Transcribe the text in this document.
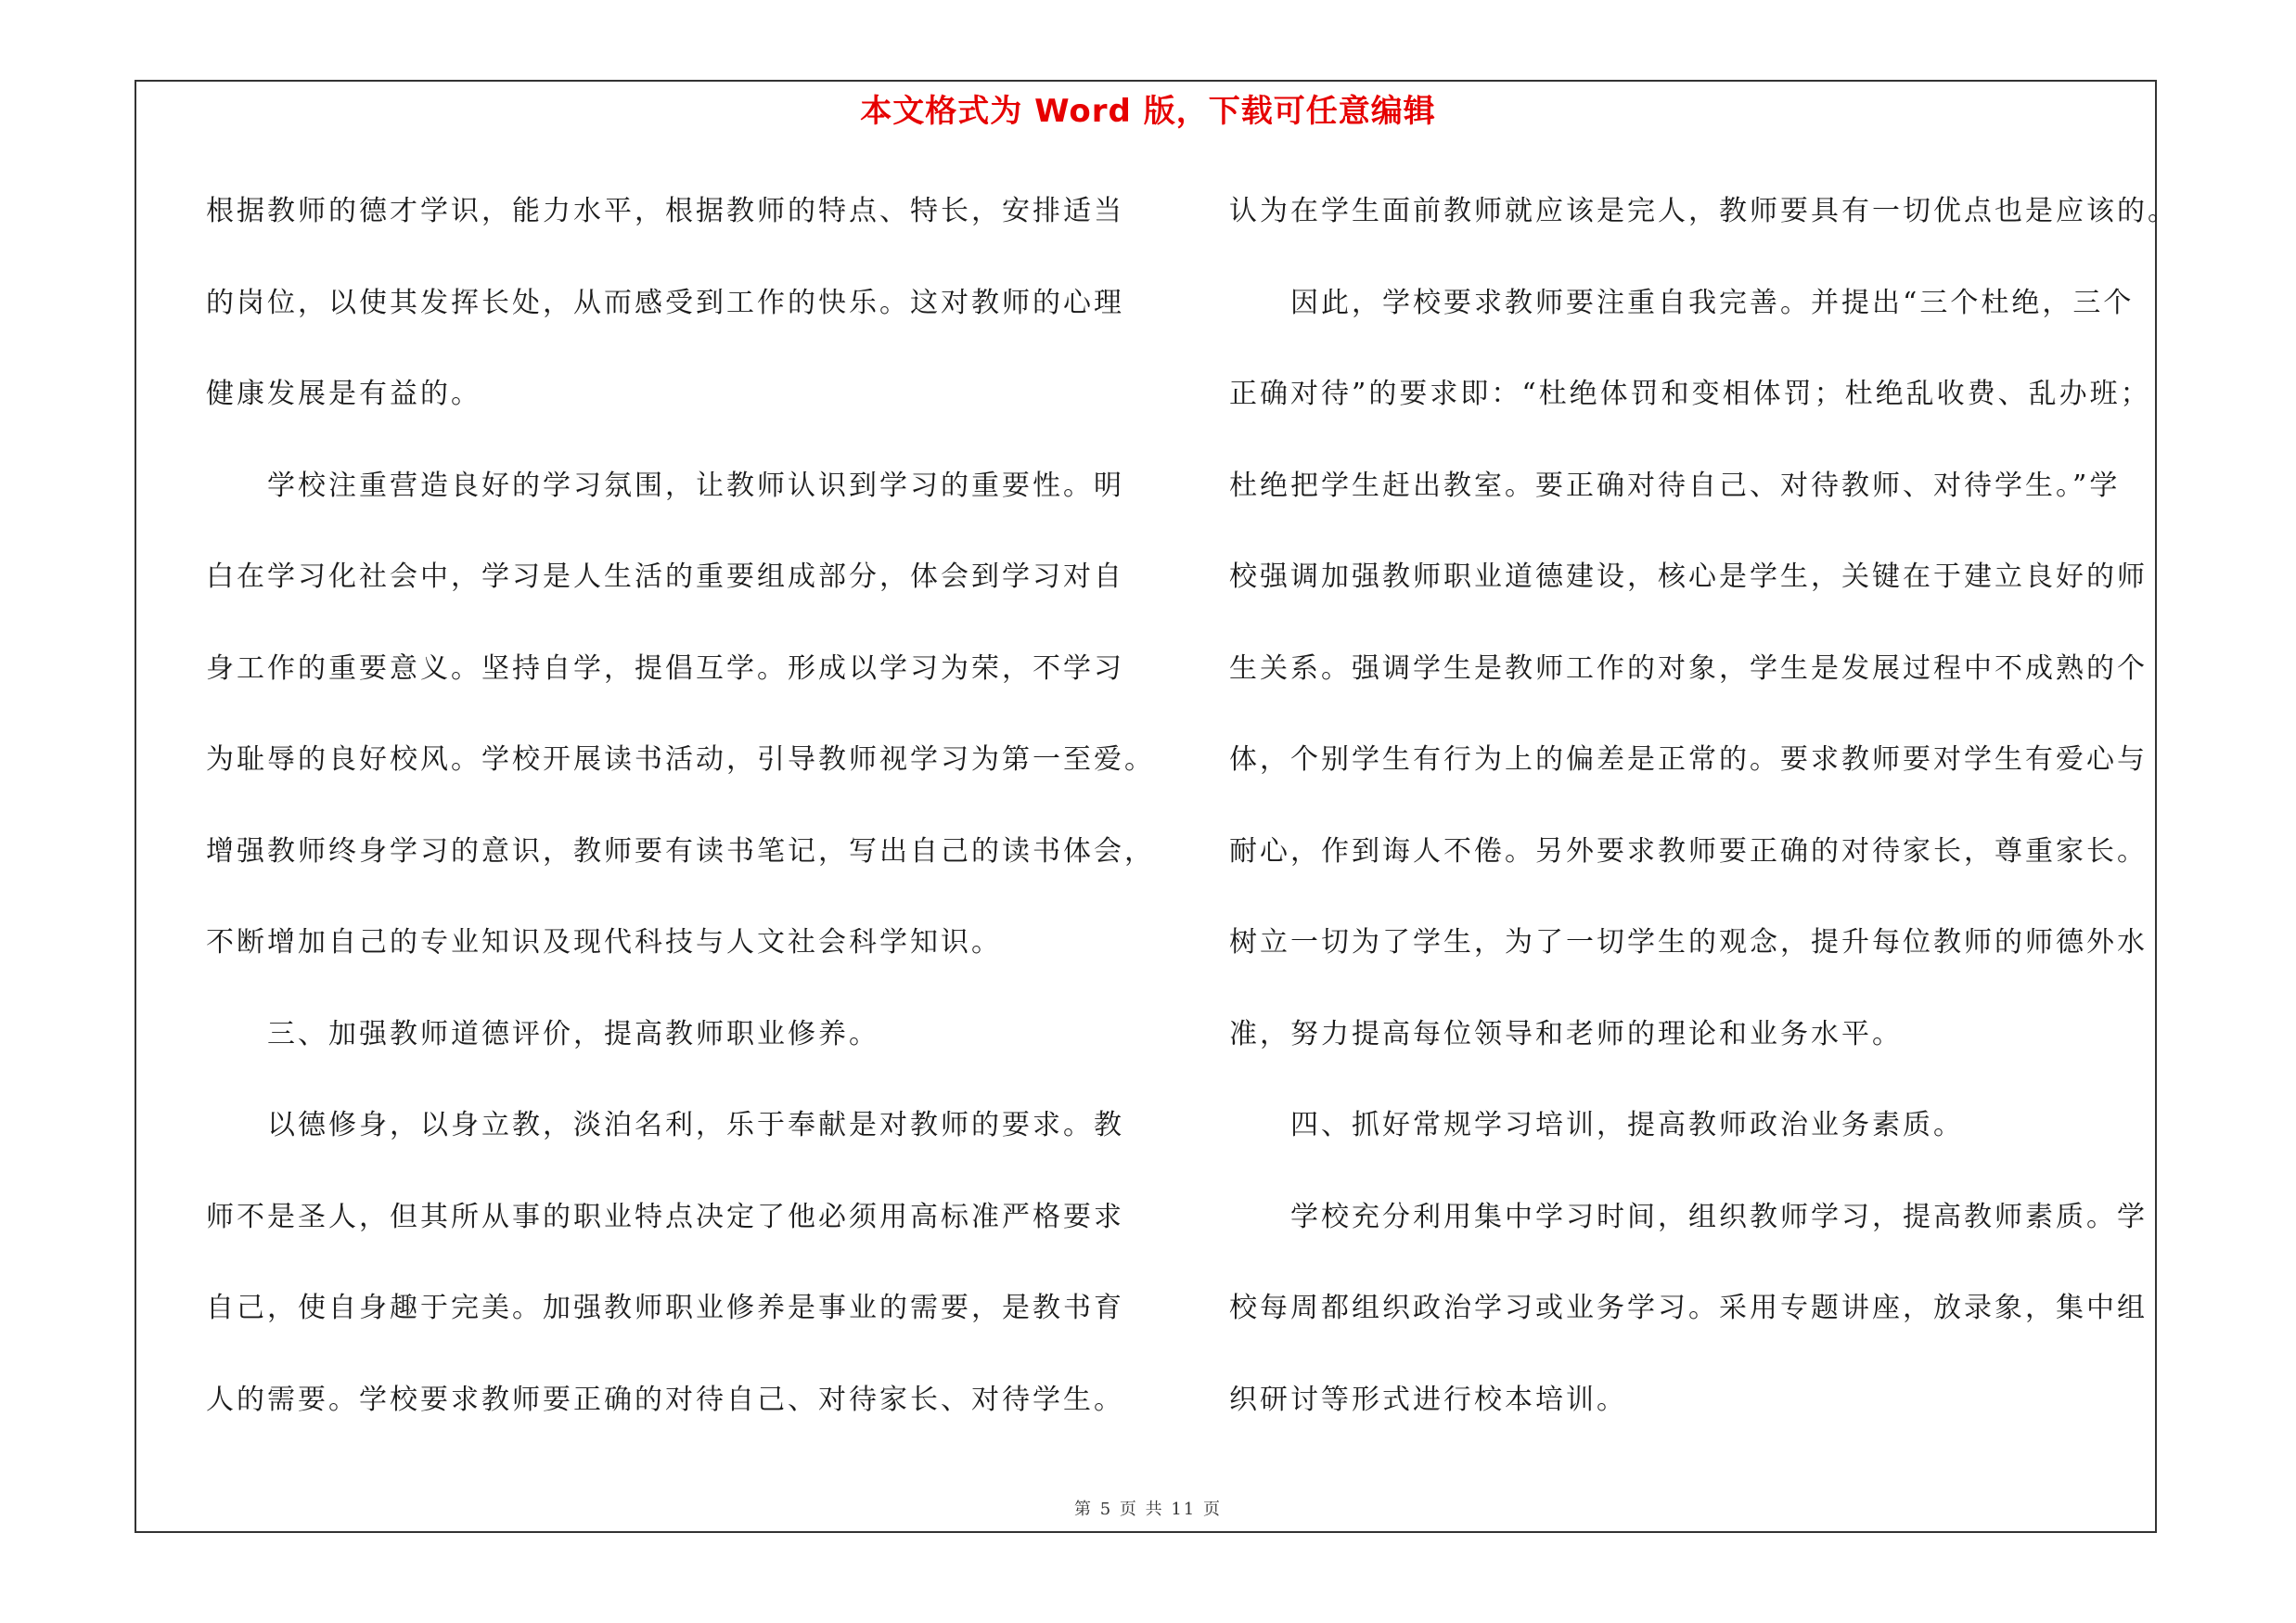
本文格式为 Word 版，下载可任意编辑
根据教师的德才学识，能力水平，根据教师的特点、特长，安排适当
的岗位，以使其发挥长处，从而感受到工作的快乐。这对教师的心理
健康发展是有益的。
学校注重营造良好的学习氛围，让教师认识到学习的重要性。明
白在学习化社会中，学习是人生活的重要组成部分，体会到学习对自
身工作的重要意义。坚持自学，提倡互学。形成以学习为荣，不学习
为耻辱的良好校风。学校开展读书活动，引导教师视学习为第一至爱。
增强教师终身学习的意识，教师要有读书笔记，写出自己的读书体会，
不断增加自己的专业知识及现代科技与人文社会科学知识。
三、加强教师道德评价，提高教师职业修养。
以德修身，以身立教，淡泊名利，乐于奉献是对教师的要求。教
师不是圣人，但其所从事的职业特点决定了他必须用高标准严格要求
自己，使自身趣于完美。加强教师职业修养是事业的需要，是教书育
人的需要。学校要求教师要正确的对待自己、对待家长、对待学生。
认为在学生面前教师就应该是完人，教师要具有一切优点也是应该的。
因此，学校要求教师要注重自我完善。并提出“三个杜绝，三个
正确对待”的要求即：“杜绝体罚和变相体罚；杜绝乱收费、乱办班；
杜绝把学生赶出教室。要正确对待自己、对待教师、对待学生。”学
校强调加强教师职业道德建设，核心是学生，关键在于建立良好的师
生关系。强调学生是教师工作的对象，学生是发展过程中不成熟的个
体，个别学生有行为上的偏差是正常的。要求教师要对学生有爱心与
耐心，作到诲人不倦。另外要求教师要正确的对待家长，尊重家长。
树立一切为了学生，为了一切学生的观念，提升每位教师的师德外水
准，努力提高每位领导和老师的理论和业务水平。
四、抓好常规学习培训，提高教师政治业务素质。
学校充分利用集中学习时间，组织教师学习，提高教师素质。学
校每周都组织政治学习或业务学习。采用专题讲座，放录象，集中组
织研讨等形式进行校本培训。
第 5 页 共 11 页
